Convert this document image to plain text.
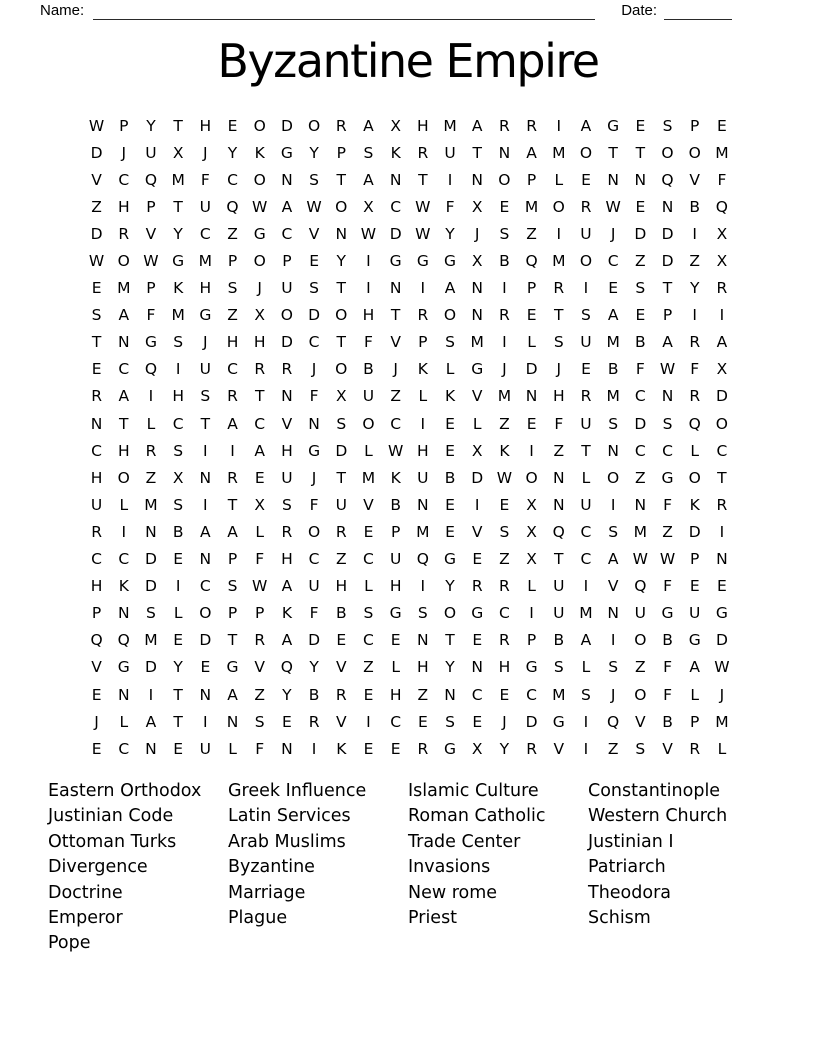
Name:	Date:
Byzantine Empire
W P	Y	T	H	E	O D O	R	A	X	H M A	R	R	I	A	G	E	S	P	E
D	J	U	X	J	Y	K	G	Y	P	S	K	R	U	T	N	A M O	T	T	O O M
V	C	Q M	F	C	O N	S	T	A	N	T	I	N O	P	L	E	N	N Q	V	F
Z	H	P	T	U Q W A W O	X	C W F	X	E	M O	R W E	N	B	Q
D	R	V	Y	C	Z	G	C	V	N W D W Y	J	S	Z	I	U	J	D D	I	X
W O W G M	P	O	P	E	Y	I	G G G	X	B	Q M O	C	Z	D	Z	X
E	M	P	K	H	S	J	U	S	T	I	N	I	A	N	I	P	R	I	E	S	T	Y	R
S	A	F	M G	Z	X	O D O H	T	R	O N	R	E	T	S	A	E	P	I	I
T	N G	S	J	H	H D	C	T	F	V	P	S	M	I	L	S	U M B	A	R	A
E	C	Q	I	U	C	R	R	J	O	B	J	K	L	G	J	D	J	E	B	F W F	X
R	A	I	H	S	R	T	N	F	X	U	Z	L	K	V M N	H	R M C	N	R	D
N	T	L	C	T	A	C	V	N	S	O	C	I	E	L	Z	E	F	U	S	D	S	Q O
C	H	R	S	I	I	A	H G D	L W H	E	X	K	I	Z	T	N	C	C	L	C
H O	Z	X	N	R	E	U	J	T	M K	U	B	D W O N	L	O	Z	G O	T
U	L	M	S	I	T	X	S	F	U	V	B	N	E	I	E	X	N	U	I	N	F	K	R
R	I	N	B	A	A	L	R	O	R	E	P	M	E	V	S	X	Q	C	S	M Z	D	I
C	C	D	E	N	P	F	H	C	Z	C	U Q G	E	Z	X	T	C	A W W P	N
H	K	D	I	C	S W A	U	H	L	H	I	Y	R	R	L	U	I	V	Q	F	E	E
P	N	S	L	O	P	P	K	F	B	S	G	S	O G	C	I	U M N	U	G	U	G
Q Q M	E	D	T	R	A	D	E	C	E	N	T	E	R	P	B	A	I	O	B	G D
V	G D	Y	E	G	V	Q	Y	V	Z	L	H	Y	N	H G	S	L	S	Z	F	A W
E	N	I	T	N	A	Z	Y	B	R	E	H	Z	N	C	E	C M	S	J	O	F	L	J
J	L	A	T	I	N	S	E	R	V	I	C	E	S	E	J	D G	I	Q	V	B	P	M
E	C	N	E	U	L	F	N	I	K	E	E	R	G	X	Y	R	V	I	Z	S	V	R	L
Eastern Orthodox
Justinian Code
Ottoman Turks
Divergence
Doctrine
Emperor
Pope
Greek Influence
Latin Services
Arab Muslims
Byzantine
Marriage
Plague
Islamic Culture
Roman Catholic
Trade Center
Invasions
New rome
Priest
Constantinople
Western Church
Justinian I
Patriarch
Theodora
Schism
